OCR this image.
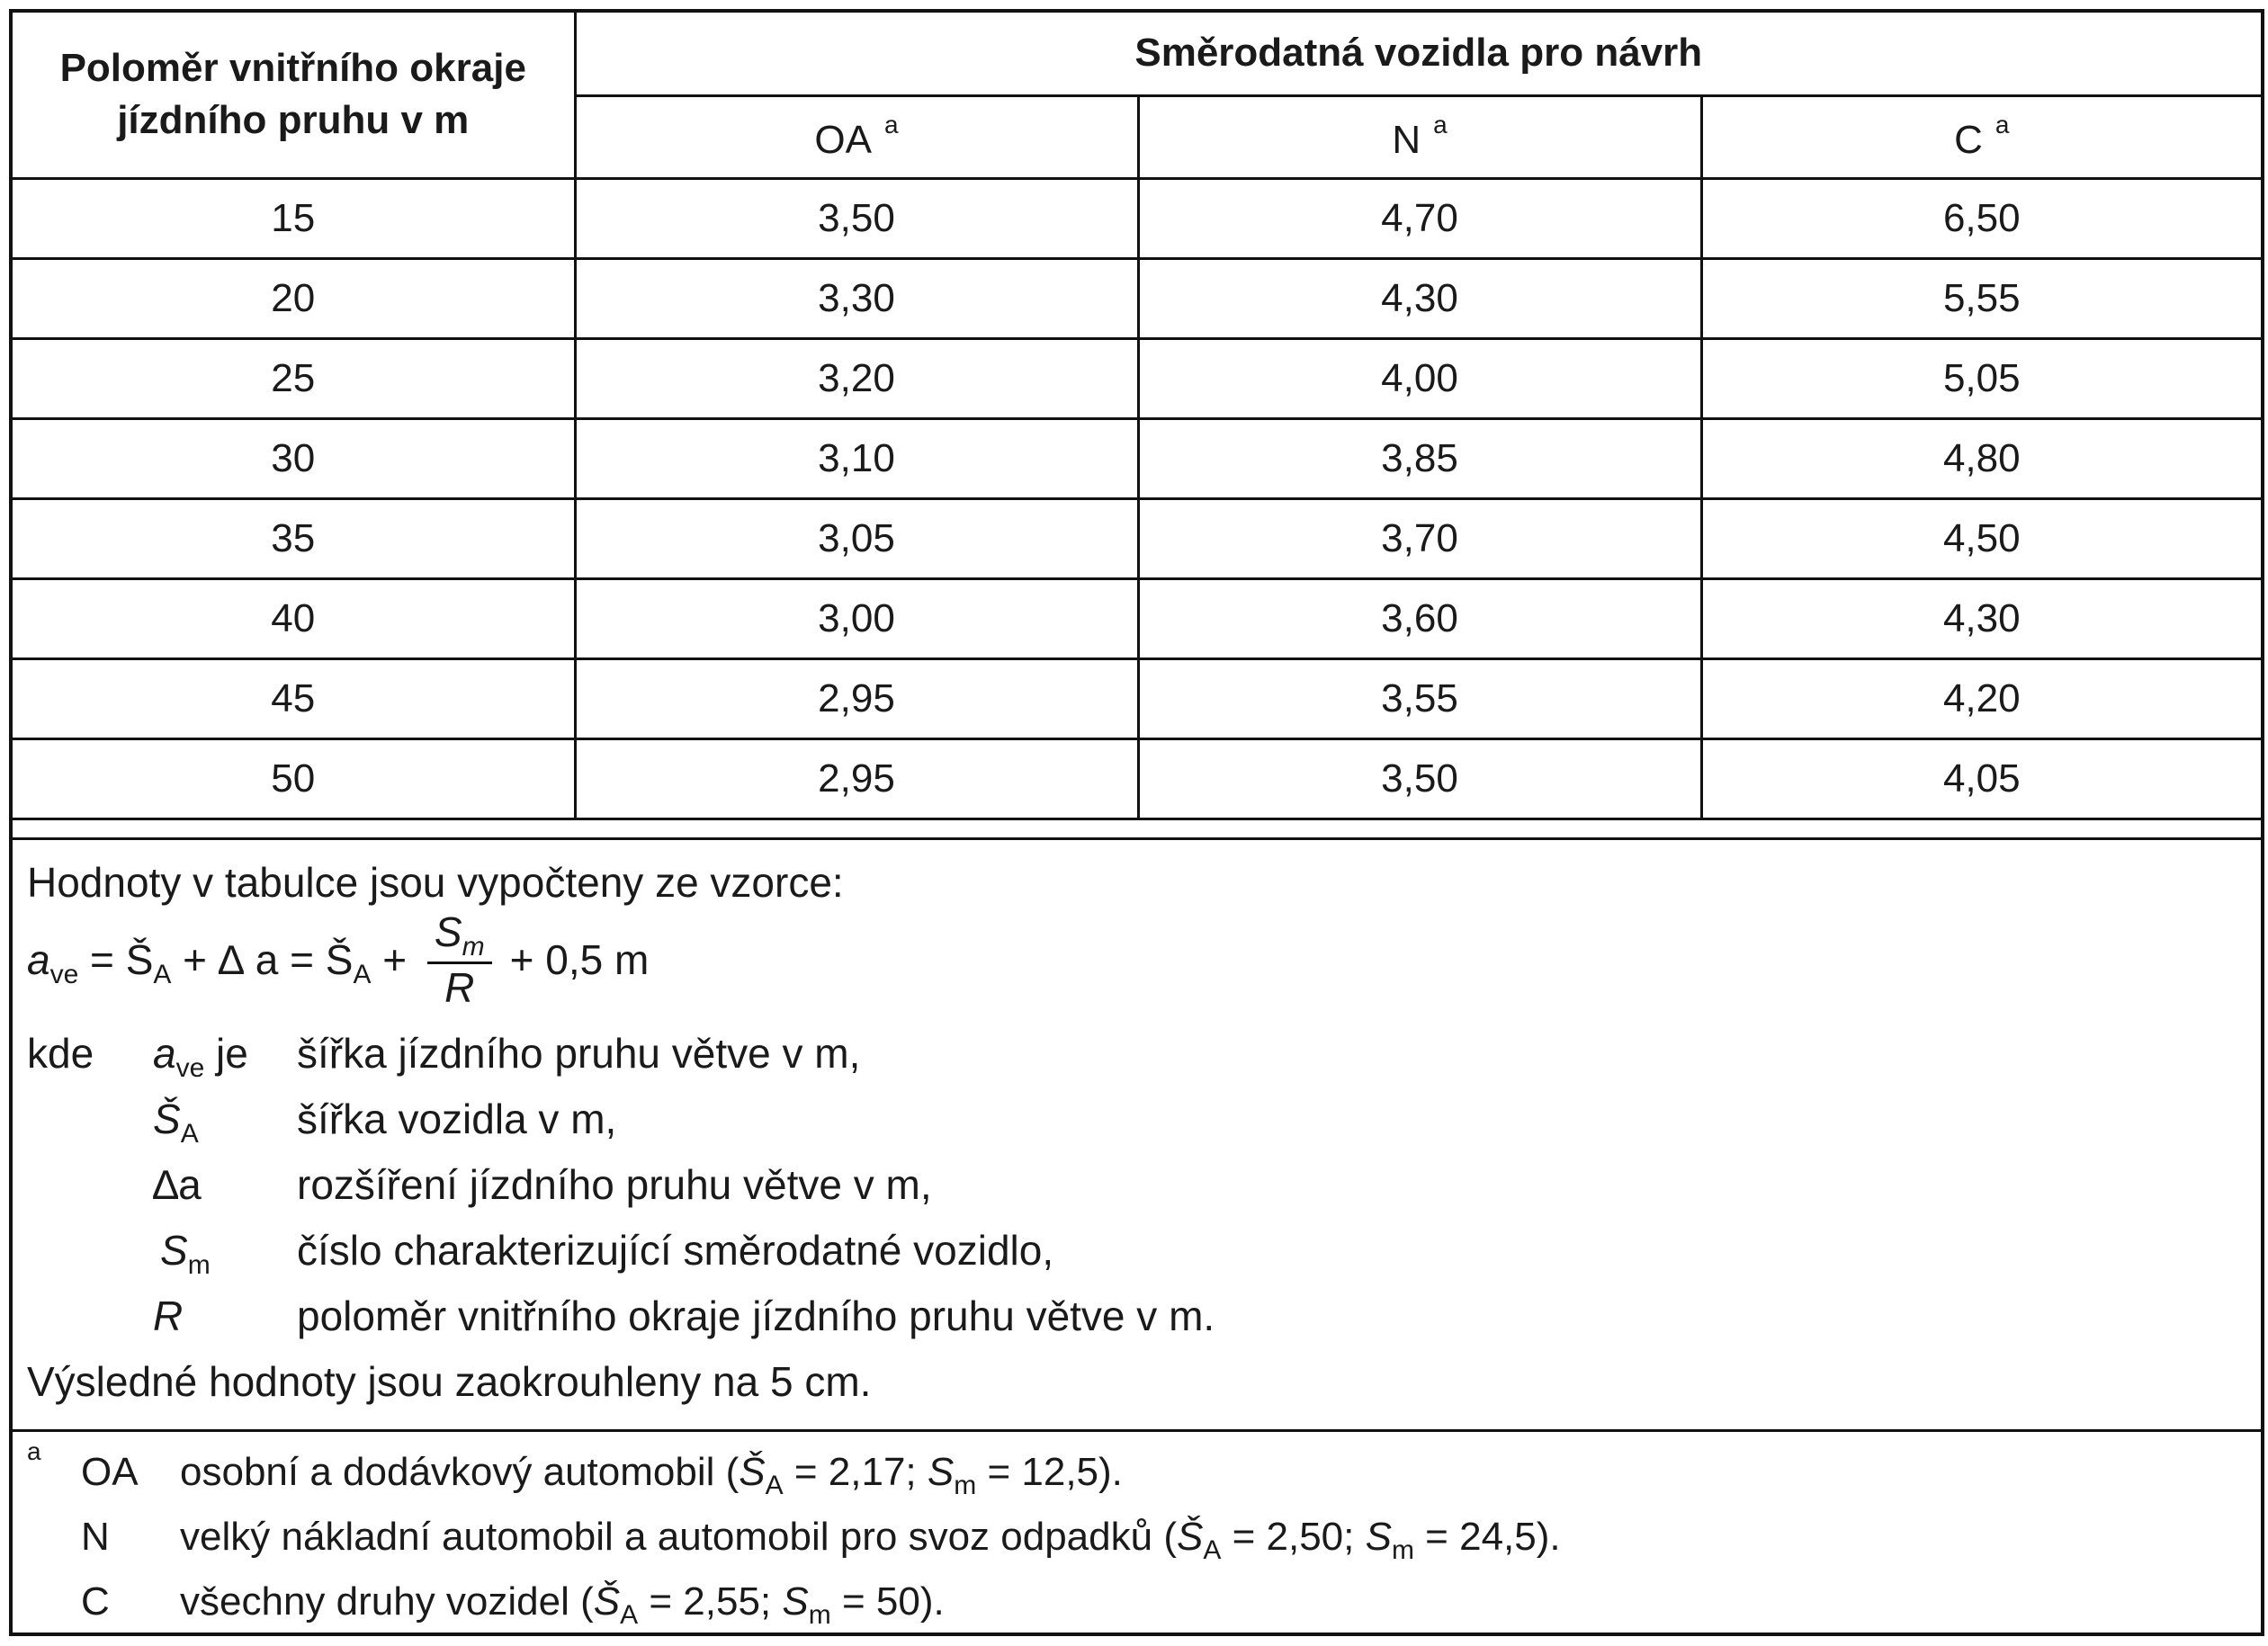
Poloměr vnitřního okraje jízdního pruhu v m	Směrodatná vozidla pro návrh		
	OA $^a$	N $^a$	C $^a$
15	3,50	4,70	6,50
20	3,30	4,30	5,55
25	3,20	4,00	5,05
30	3,10	3,85	4,80
35	3,05	3,70	4,50
40	3,00	3,60	4,30
45	2,95	3,55	4,20
50	2,95	3,50	4,05
Hodnoty v tabulce jsou vypočteny ze vzorce:
$a_{ve}$ = $Š_A$ + ∆ $a = Š_A + \frac{S_m}{R} + 0,5$ m
kde $a_{ve}$ je šířka jízdního pruhu větve v m,
$Š_A$ šířka vozidla v m,
∆a rozšíření jízdního pruhu větve v m,
$S_m$ číslo charakterizující směrodatné vozidlo,
R	poloměr vnitřního okraje jízdního pruhu větve v m.
Výsledné hodnoty jsou zaokrouhleny na 5 cm.
a OA osobní a dodávkový automobil ($Š_A = 2,17$; $S_m = 12,5$).
N velký nákladní automobil a automobil pro svoz odpadků ($Š_A = 2,50$; $S_m = 24,5$).
C všechny druhy vozidel ($Š_A = 2,55$; $S_m = 50$).
